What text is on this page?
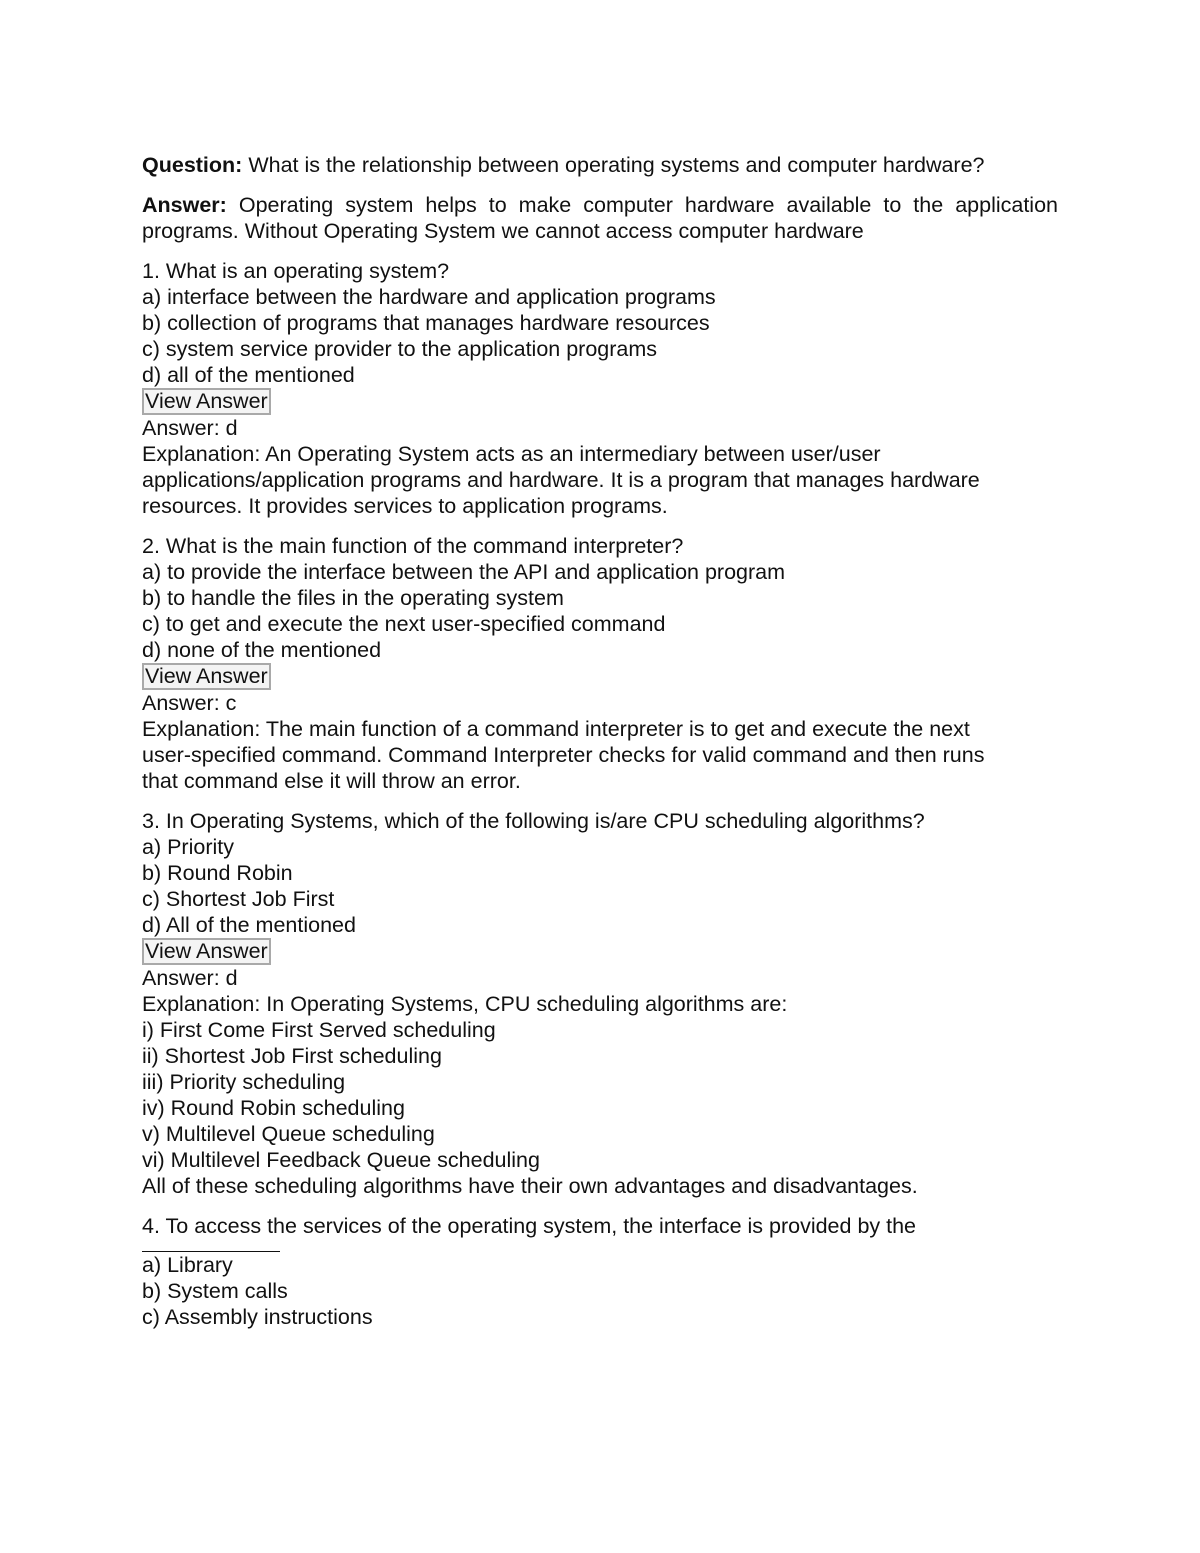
Question: What is the relationship between operating systems and computer hardware?

Answer: Operating system helps to make computer hardware available to the application programs. Without Operating System we cannot access computer hardware

1. What is an operating system?
a) interface between the hardware and application programs
b) collection of programs that manages hardware resources
c) system service provider to the application programs
d) all of the mentioned
View Answer
Answer: d
Explanation: An Operating System acts as an intermediary between user/user
applications/application programs and hardware. It is a program that manages hardware
resources. It provides services to application programs.
2. What is the main function of the command interpreter?
a) to provide the interface between the API and application program
b) to handle the files in the operating system
c) to get and execute the next user-specified command
d) none of the mentioned
View Answer
Answer: c
Explanation: The main function of a command interpreter is to get and execute the next
user-specified command. Command Interpreter checks for valid command and then runs
that command else it will throw an error.
3. In Operating Systems, which of the following is/are CPU scheduling algorithms?
a) Priority
b) Round Robin
c) Shortest Job First
d) All of the mentioned
View Answer
Answer: d
Explanation: In Operating Systems, CPU scheduling algorithms are:
i) First Come First Served scheduling
ii) Shortest Job First scheduling
iii) Priority scheduling
iv) Round Robin scheduling
v) Multilevel Queue scheduling
vi) Multilevel Feedback Queue scheduling
All of these scheduling algorithms have their own advantages and disadvantages.
4. To access the services of the operating system, the interface is provided by the
a) Library
b) System calls
c) Assembly instructions
